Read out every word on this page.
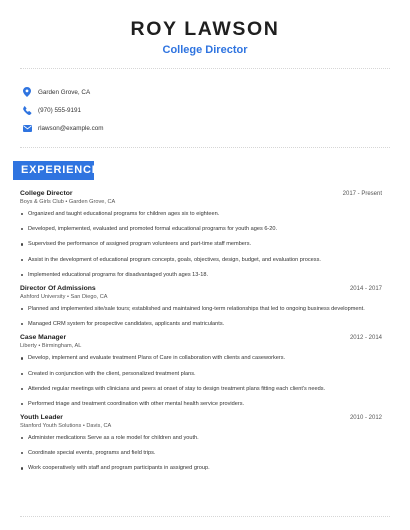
ROY LAWSON
College Director
Garden Grove, CA
(970) 555-9191
rlawson@example.com
EXPERIENCE
College Director	2017 - Present
Boys & Girls Club • Garden Grove, CA
Organized and taught educational programs for children ages six to eighteen.
Developed, implemented, evaluated and promoted formal educational programs for youth ages 6-20.
Supervised the performance of assigned program volunteers and part-time staff members.
Assist in the development of educational program concepts, goals, objectives, design, budget, and evaluation process.
Implemented educational programs for disadvantaged youth ages 13-18.
Director Of Admissions	2014 - 2017
Ashford University • San Diego, CA
Planned and implemented site/sale tours; established and maintained long-term relationships that led to ongoing business development.
Managed CRM system for prospective candidates, applicants and matriculants.
Case Manager	2012 - 2014
Liberty • Birmingham, AL
Develop, implement and evaluate treatment Plans of Care in collaboration with clients and caseworkers.
Created in conjunction with the client, personalized treatment plans.
Attended regular meetings with clinicians and peers at onset of stay to design treatment plans fitting each client's needs.
Performed triage and treatment coordination with other mental health service providers.
Youth Leader	2010 - 2012
Stanford Youth Solutions • Davis, CA
Administer medications Serve as a role model for children and youth.
Coordinate special events, programs and field trips.
Work cooperatively with staff and program participants in assigned group.
